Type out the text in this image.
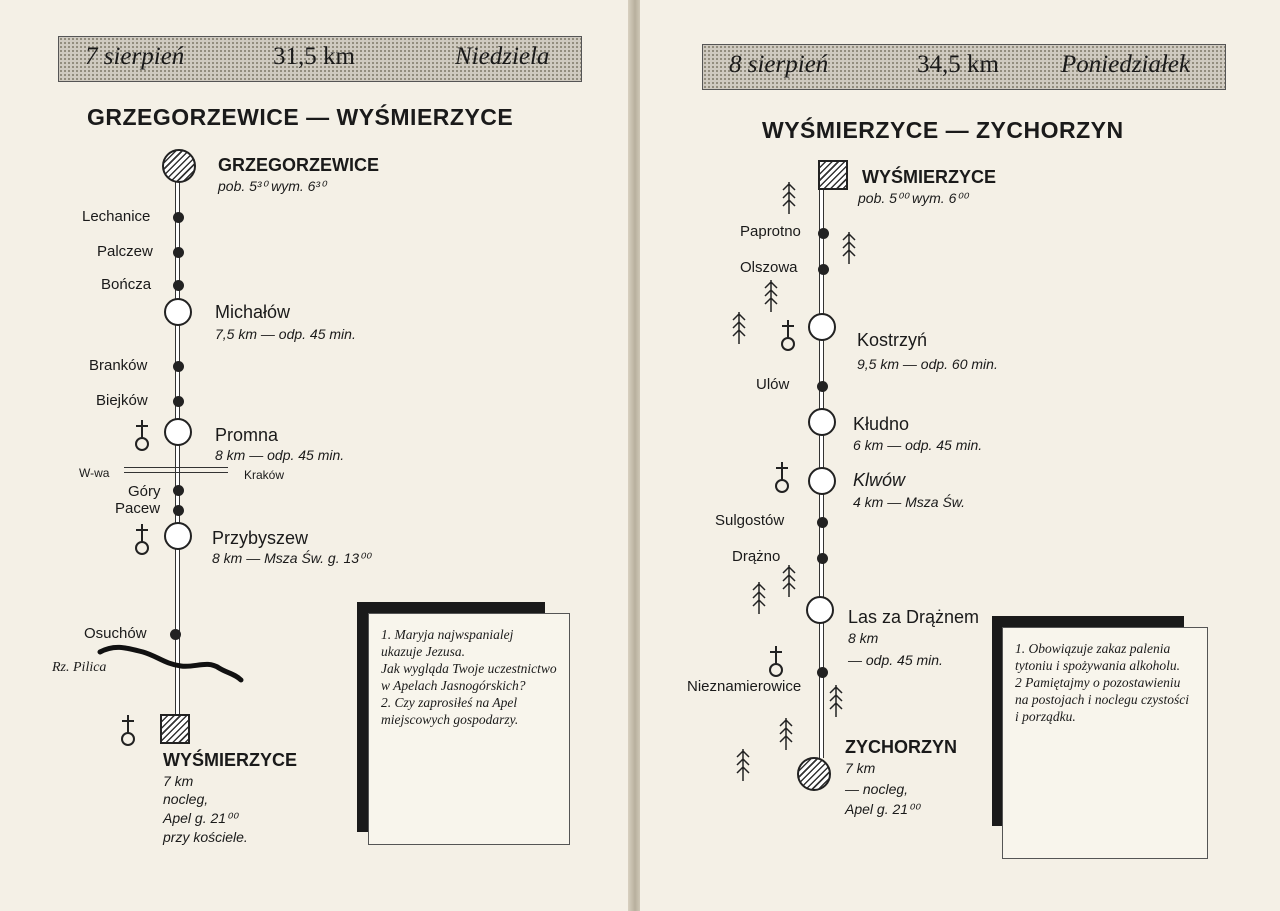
7 sierpień	31,5 km	Niedziela
GRZEGORZEWICE — WYŚMIERZYCE
W-wa	Kraków
GRZEGORZEWICE
pob. 5³⁰ wym. 6³⁰
Lechanice
Palczew
Bończa
Branków
Biejków
Góry
Pacew
Osuchów
Michałów
7,5 km — odp. 45 min.
Promna
8 km — odp. 45 min.
Przybyszew
8 km — Msza Św. g. 13⁰⁰
Rz. Pilica
WYŚMIERZYCE
7 km
nocleg,
Apel g. 21⁰⁰
przy kościele.
1. Maryja najwspanialej ukazuje Jezusa.
Jak wygląda Twoje uczestnictwo w Apelach Jasnogórskich?
2. Czy zaprosiłeś na Apel miejscowych gospodarzy.
8 sierpień	34,5 km Poniedziałek
WYŚMIERZYCE — ZYCHORZYN
WYŚMIERZYCE
pob. 5⁰⁰ wym. 6⁰⁰
Paprotno
Olszowa
Ulów
Sulgostów
Drążno
Nieznamierowice
Kostrzyń
9,5 km — odp. 60 min.
Kłudno
6 km — odp. 45 min.
Klwów
4 km — Msza Św.
Las za Drążnem
8 km
— odp. 45 min.
ZYCHORZYN
7 km
— nocleg,
Apel g. 21⁰⁰
1. Obowiązuje zakaz palenia tytoniu i spożywania alkoholu.
2 Pamiętajmy o pozostawieniu na postojach i noclegu czystości i porządku.
